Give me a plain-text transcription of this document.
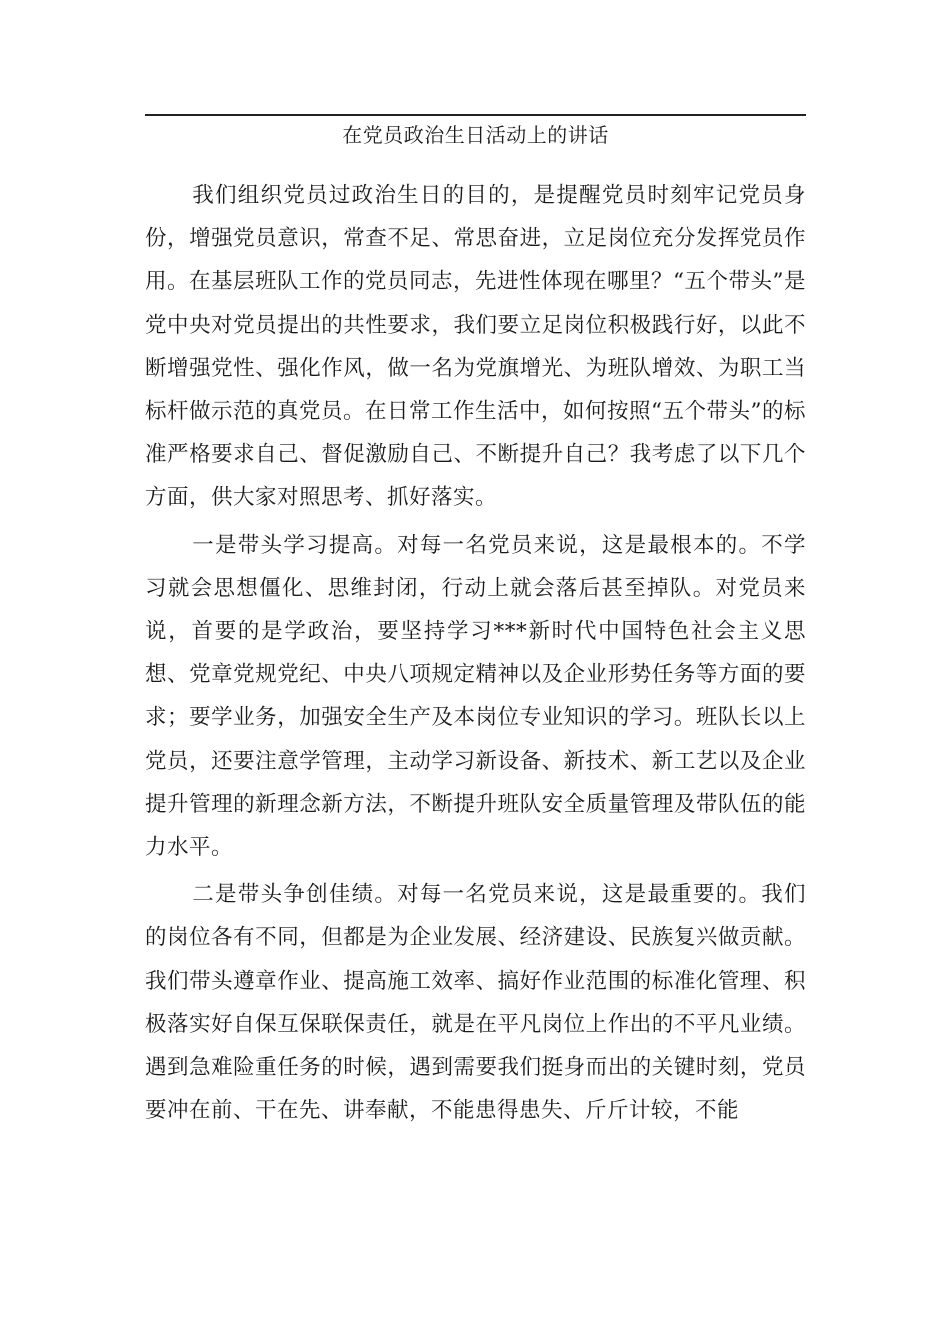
在党员政治生日活动上的讲话

我们组织党员过政治生日的目的，是提醒党员时刻牢记党员身份，增强党员意识，常查不足、常思奋进，立足岗位充分发挥党员作用。在基层班队工作的党员同志，先进性体现在哪里？“五个带头”是党中央对党员提出的共性要求，我们要立足岗位积极践行好，以此不断增强党性、强化作风，做一名为党旗增光、为班队增效、为职工当标杆做示范的真党员。在日常工作生活中，如何按照“五个带头”的标准严格要求自己、督促激励自己、不断提升自己？我考虑了以下几个方面，供大家对照思考、抓好落实。

一是带头学习提高。对每一名党员来说，这是最根本的。不学习就会思想僵化、思维封闭，行动上就会落后甚至掉队。对党员来说，首要的是学政治，要坚持学习***新时代中国特色社会主义思想、党章党规党纪、中央八项规定精神以及企业形势任务等方面的要求；要学业务，加强安全生产及本岗位专业知识的学习。班队长以上党员，还要注意学管理，主动学习新设备、新技术、新工艺以及企业提升管理的新理念新方法，不断提升班队安全质量管理及带队伍的能力水平。

二是带头争创佳绩。对每一名党员来说，这是最重要的。我们的岗位各有不同，但都是为企业发展、经济建设、民族复兴做贡献。我们带头遵章作业、提高施工效率、搞好作业范围的标准化管理、积极落实好自保互保联保责任，就是在平凡岗位上作出的不平凡业绩。遇到急难险重任务的时候，遇到需要我们挺身而出的关键时刻，党员要冲在前、干在先、讲奉献，不能患得患失、斤斤计较，不能
